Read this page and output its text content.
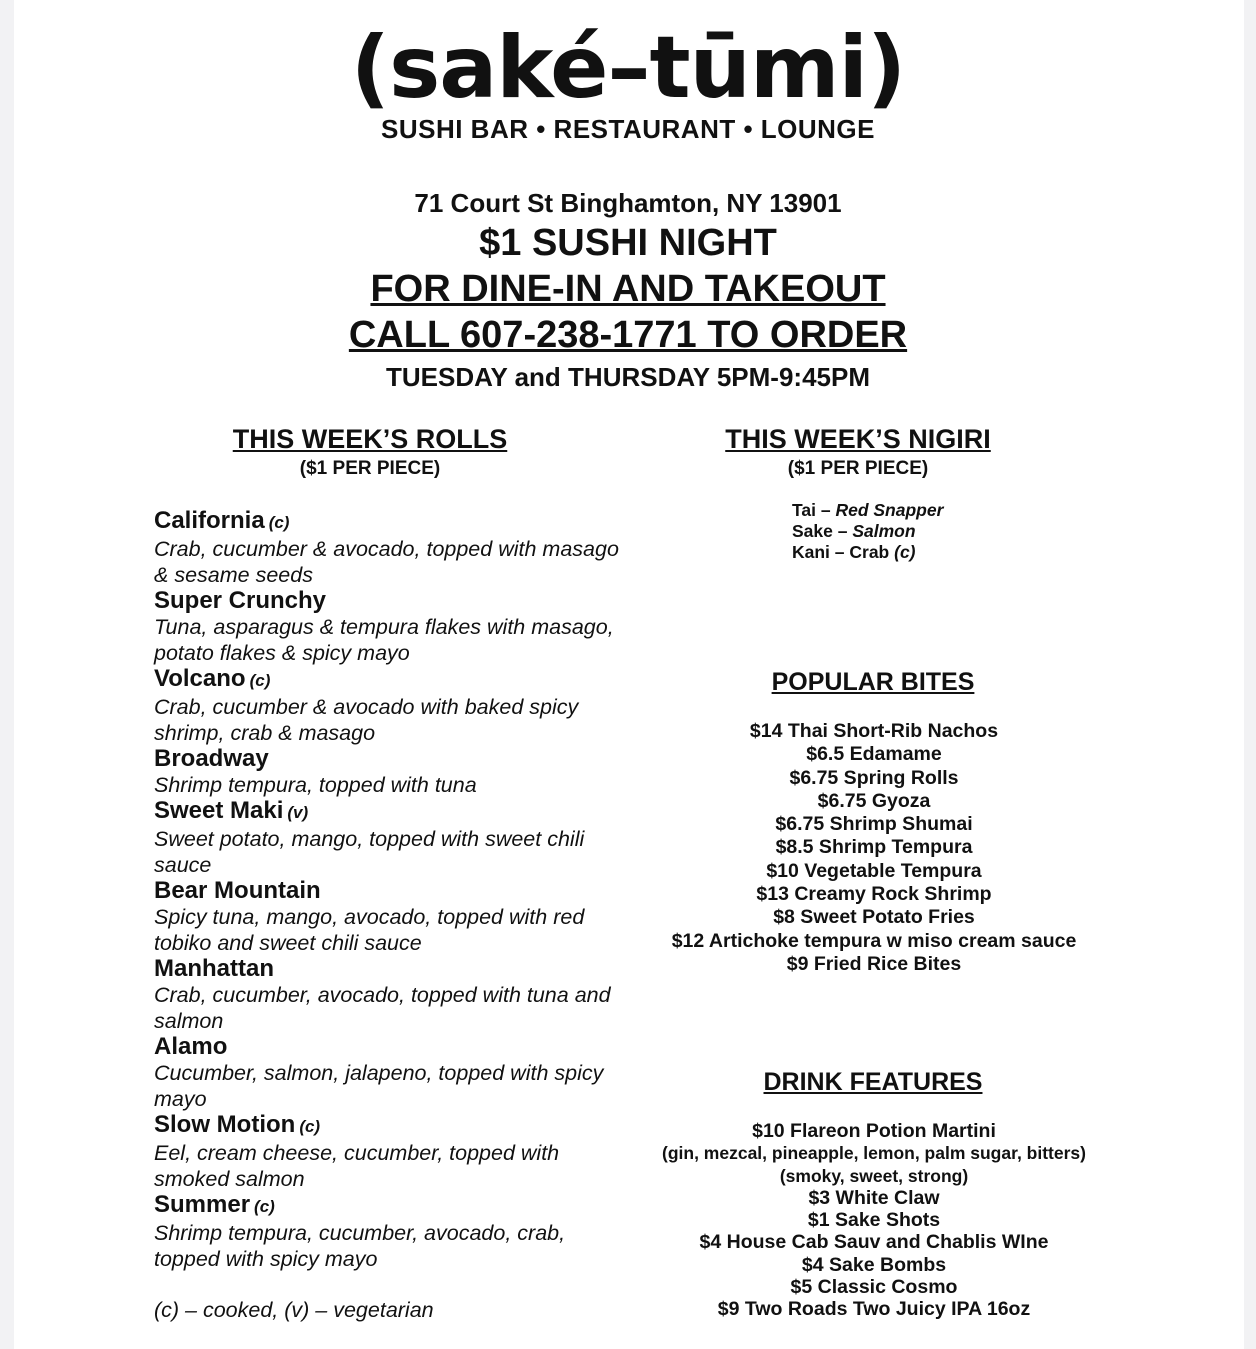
(saké–tūmi)
SUSHI BAR • RESTAURANT • LOUNGE
71 Court St Binghamton, NY 13901
$1 SUSHI NIGHT
FOR DINE-IN AND TAKEOUT
CALL 607-238-1771 TO ORDER
TUESDAY and THURSDAY 5PM-9:45PM
THIS WEEK’S ROLLS
($1 PER PIECE)
California (c)
Crab, cucumber & avocado, topped with masago & sesame seeds
Super Crunchy
Tuna, asparagus & tempura flakes with masago, potato flakes & spicy mayo
Volcano (c)
Crab, cucumber & avocado with baked spicy shrimp, crab & masago
Broadway
Shrimp tempura, topped with tuna
Sweet Maki (v)
Sweet potato, mango, topped with sweet chili sauce
Bear Mountain
Spicy tuna, mango, avocado, topped with red tobiko and sweet chili sauce
Manhattan
Crab, cucumber, avocado, topped with tuna and salmon
Alamo
Cucumber, salmon, jalapeno, topped with spicy mayo
Slow Motion (c)
Eel, cream cheese, cucumber, topped with smoked salmon
Summer (c)
Shrimp tempura, cucumber, avocado, crab, topped with spicy mayo
(c) – cooked, (v) – vegetarian
THIS WEEK’S NIGIRI
($1 PER PIECE)
Tai – Red Snapper
Sake – Salmon
Kani – Crab (c)
POPULAR BITES
$14 Thai Short-Rib Nachos
$6.5 Edamame
$6.75 Spring Rolls
$6.75 Gyoza
$6.75 Shrimp Shumai
$8.5 Shrimp Tempura
$10 Vegetable Tempura
$13 Creamy Rock Shrimp
$8 Sweet Potato Fries
$12 Artichoke tempura w miso cream sauce
$9 Fried Rice Bites
DRINK FEATURES
$10 Flareon Potion Martini
(gin, mezcal, pineapple, lemon, palm sugar, bitters)
(smoky, sweet, strong)
$3 White Claw
$1 Sake Shots
$4 House Cab Sauv and Chablis WIne
$4 Sake Bombs
$5 Classic Cosmo
$9 Two Roads Two Juicy IPA 16oz
